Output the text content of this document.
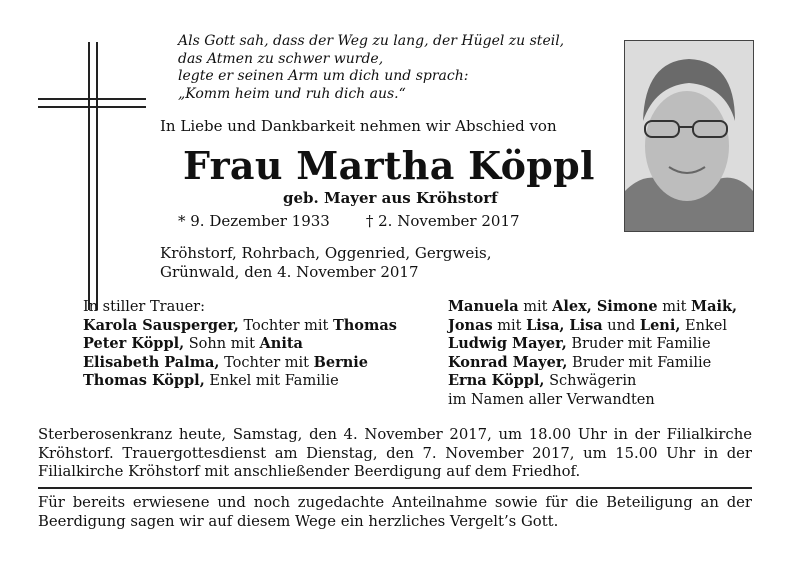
Als Gott sah, dass der Weg zu lang, der Hügel zu steil,
das Atmen zu schwer wurde,
legte er seinen Arm um dich und sprach:
„Komm heim und ruh dich aus.“
In Liebe und Dankbarkeit nehmen wir Abschied von
Frau Martha Köppl
geb. Mayer aus Kröhstorf
* 9. Dezember 1933 † 2. November 2017
Kröhstorf, Rohrbach, Oggenried, Gergweis,
Grünwald, den 4. November 2017
In stiller Trauer:
Karola Sausperger, Tochter mit Thomas
Peter Köppl, Sohn mit Anita
Elisabeth Palma, Tochter mit Bernie
Thomas Köppl, Enkel mit Familie
Manuela mit Alex, Simone mit Maik,
Jonas mit Lisa, Lisa und Leni, Enkel
Ludwig Mayer, Bruder mit Familie
Konrad Mayer, Bruder mit Familie
Erna Köppl, Schwägerin
im Namen aller Verwandten
Sterberosenkranz heute, Samstag, den 4. November 2017, um 18.00 Uhr in der Filialkirche Kröhstorf. Trauergottesdienst am Dienstag, den 7. November 2017, um 15.00 Uhr in der Filialkirche Kröhstorf mit anschließender Beerdigung auf dem Friedhof.
Für bereits erwiesene und noch zugedachte Anteilnahme sowie für die Beteiligung an der Beerdigung sagen wir auf diesem Wege ein herzliches Vergelt’s Gott.
